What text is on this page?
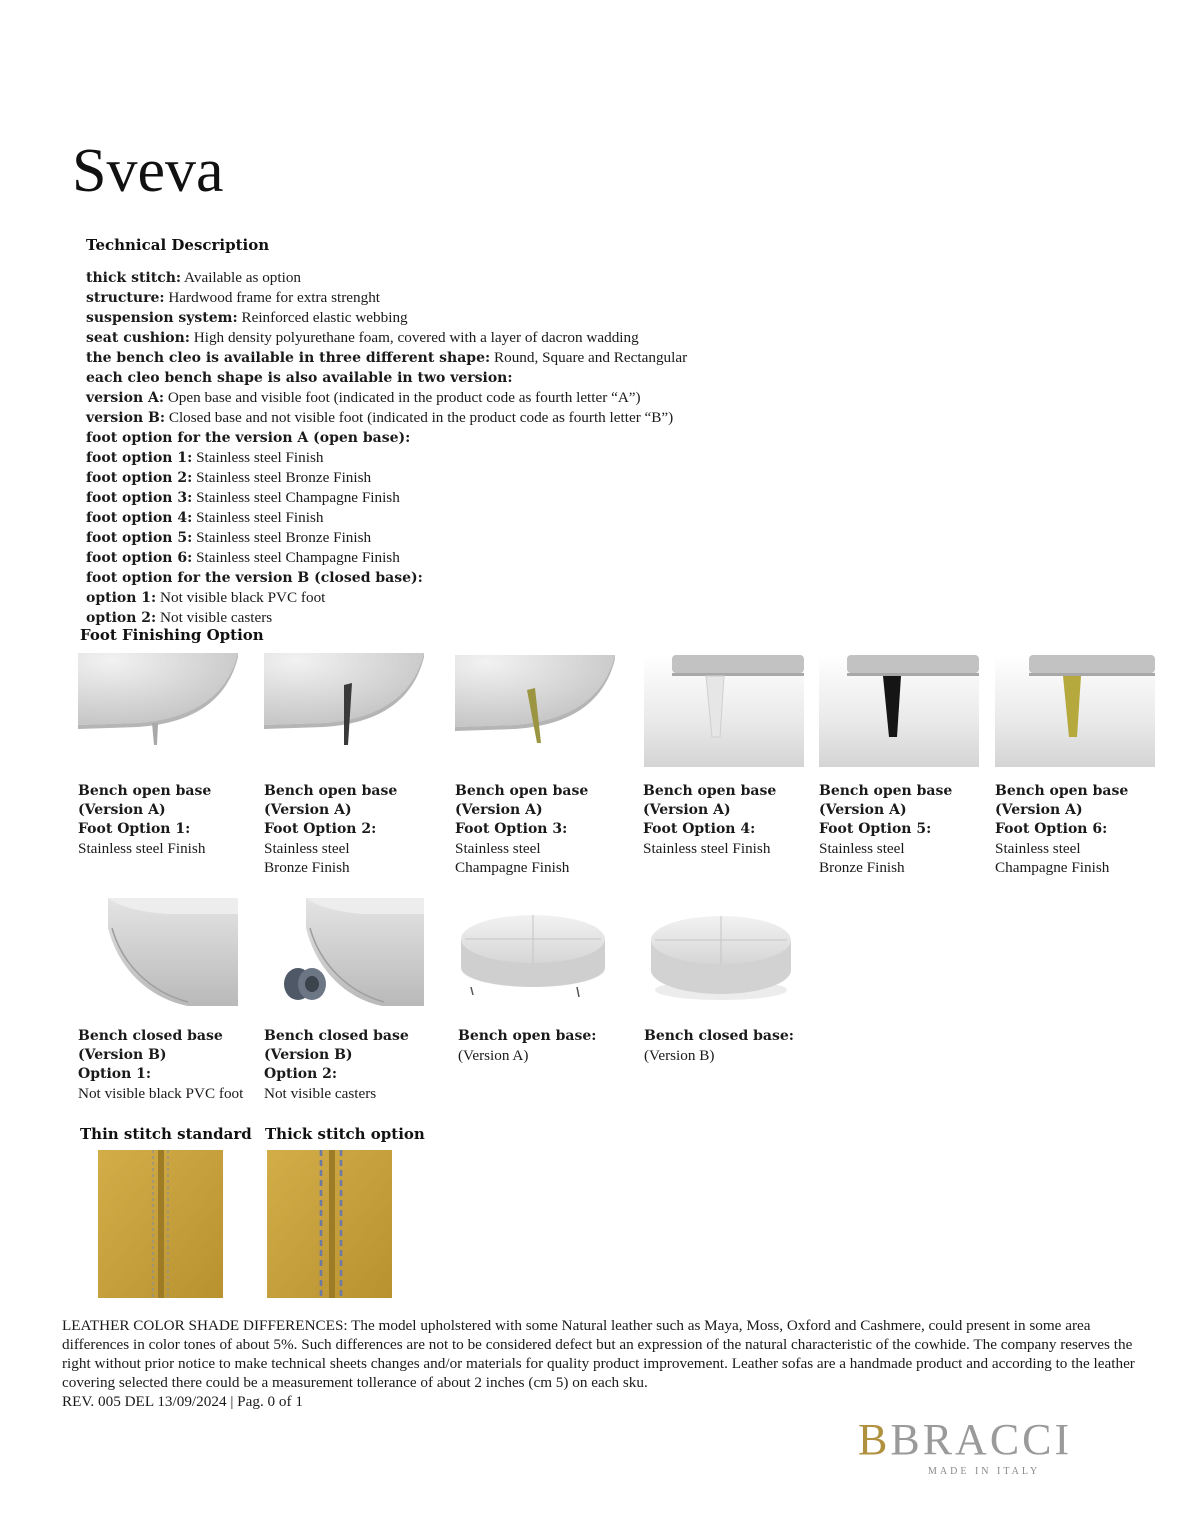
Sveva
Technical Description
thick stitch: Available as option
structure: Hardwood frame for extra strenght
suspension system: Reinforced elastic webbing
seat cushion: High density polyurethane foam, covered with a layer of dacron wadding
the bench cleo is available in three different shape: Round, Square and Rectangular
each cleo bench shape is also available in two version:
version A: Open base and visible foot (indicated in the product code as fourth letter “A”)
version B: Closed base and not visible foot (indicated in the product code as fourth letter “B”)
foot option for the version A (open base):
foot option 1: Stainless steel Finish
foot option 2: Stainless steel Bronze Finish
foot option 3: Stainless steel Champagne Finish
foot option 4: Stainless steel Finish
foot option 5: Stainless steel Bronze Finish
foot option 6: Stainless steel Champagne Finish
foot option for the version B (closed base):
option 1: Not visible black PVC foot
option 2: Not visible casters
Foot Finishing Option
Bench open base
(Version A)
Foot Option 1:
Stainless steel Finish
Bench open base
(Version A)
Foot Option 2:
Stainless steel
Bronze Finish
Bench open base
(Version A)
Foot Option 3:
Stainless steel
Champagne Finish
Bench open base
(Version A)
Foot Option 4:
Stainless steel Finish
Bench open base
(Version A)
Foot Option 5:
Stainless steel
Bronze Finish
Bench open base
(Version A)
Foot Option 6:
Stainless steel
Champagne Finish
Bench closed base
(Version B)
Option 1:
Not visible black PVC foot
Bench closed base
(Version B)
Option 2:
Not visible casters
Bench open base:
(Version A)
Bench closed base:
(Version B)
Thin stitch standard Thick stitch option
LEATHER COLOR SHADE DIFFERENCES: The model upholstered with some Natural leather such as Maya, Moss, Oxford and Cashmere, could present in some area differences in color tones of about 5%. Such differences are not to be considered defect but an expression of the natural characteristic of the cowhide. The company reserves the right without prior notice to make technical sheets changes and/or materials for quality product improvement. Leather sofas are a handmade product and according to the leather covering selected there could be a measurement tollerance of about 2 inches (cm 5) on each sku.
REV. 005 DEL 13/09/2024 | Pag. 0 of 1
BBRACCI
MADE IN ITALY
